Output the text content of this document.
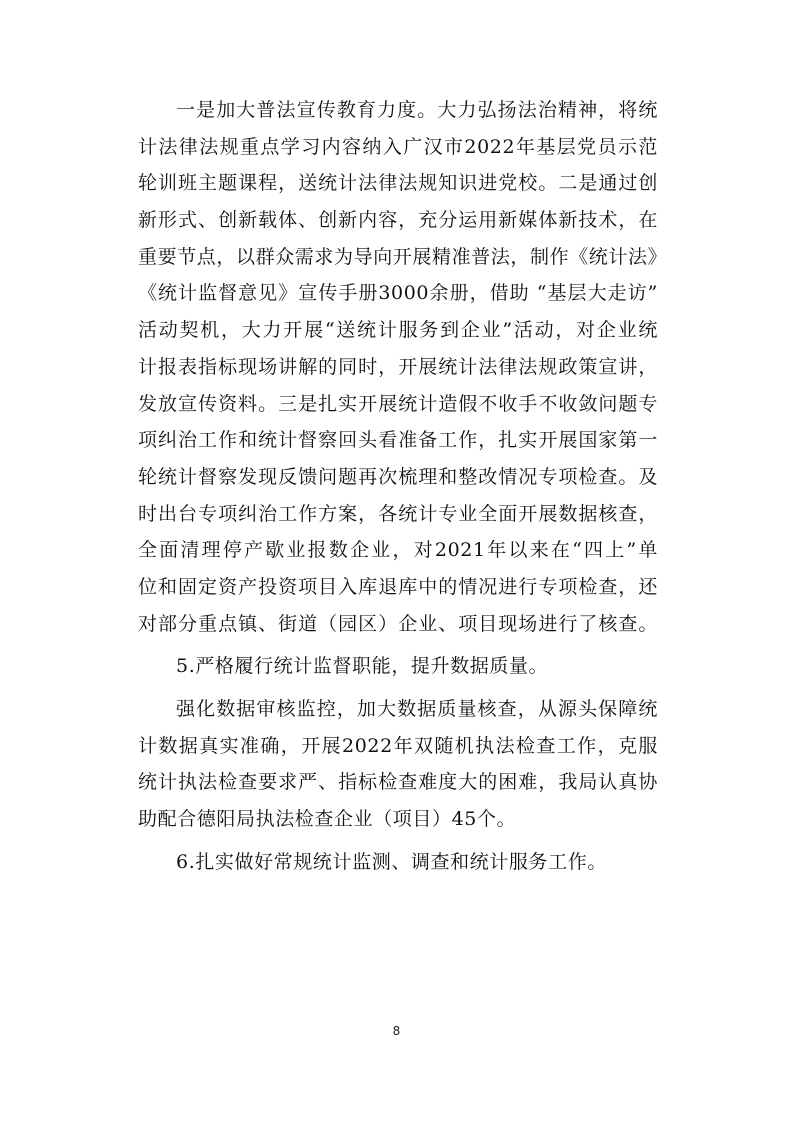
一是加大普法宣传教育力度。大力弘扬法治精神，将统
计法律法规重点学习内容纳入广汉市2022年基层党员示范
轮训班主题课程，送统计法律法规知识进党校。二是通过创
新形式、创新载体、创新内容，充分运用新媒体新技术，在
重要节点，以群众需求为导向开展精准普法，制作《统计法》
《统计监督意见》宣传手册3000余册，借助 “基层大走访”
活动契机，大力开展“送统计服务到企业”活动，对企业统
计报表指标现场讲解的同时，开展统计法律法规政策宣讲，
发放宣传资料。三是扎实开展统计造假不收手不收敛问题专
项纠治工作和统计督察回头看准备工作，扎实开展国家第一
轮统计督察发现反馈问题再次梳理和整改情况专项检查。及
时出台专项纠治工作方案，各统计专业全面开展数据核查，
全面清理停产歇业报数企业，对2021年以来在“四上”单
位和固定资产投资项目入库退库中的情况进行专项检查，还
对部分重点镇、街道（园区）企业、项目现场进行了核查。
5.严格履行统计监督职能，提升数据质量。
强化数据审核监控，加大数据质量核查，从源头保障统
计数据真实准确，开展2022年双随机执法检查工作，克服
统计执法检查要求严、指标检查难度大的困难，我局认真协
助配合德阳局执法检查企业（项目）45个。
6.扎实做好常规统计监测、调查和统计服务工作。
8
